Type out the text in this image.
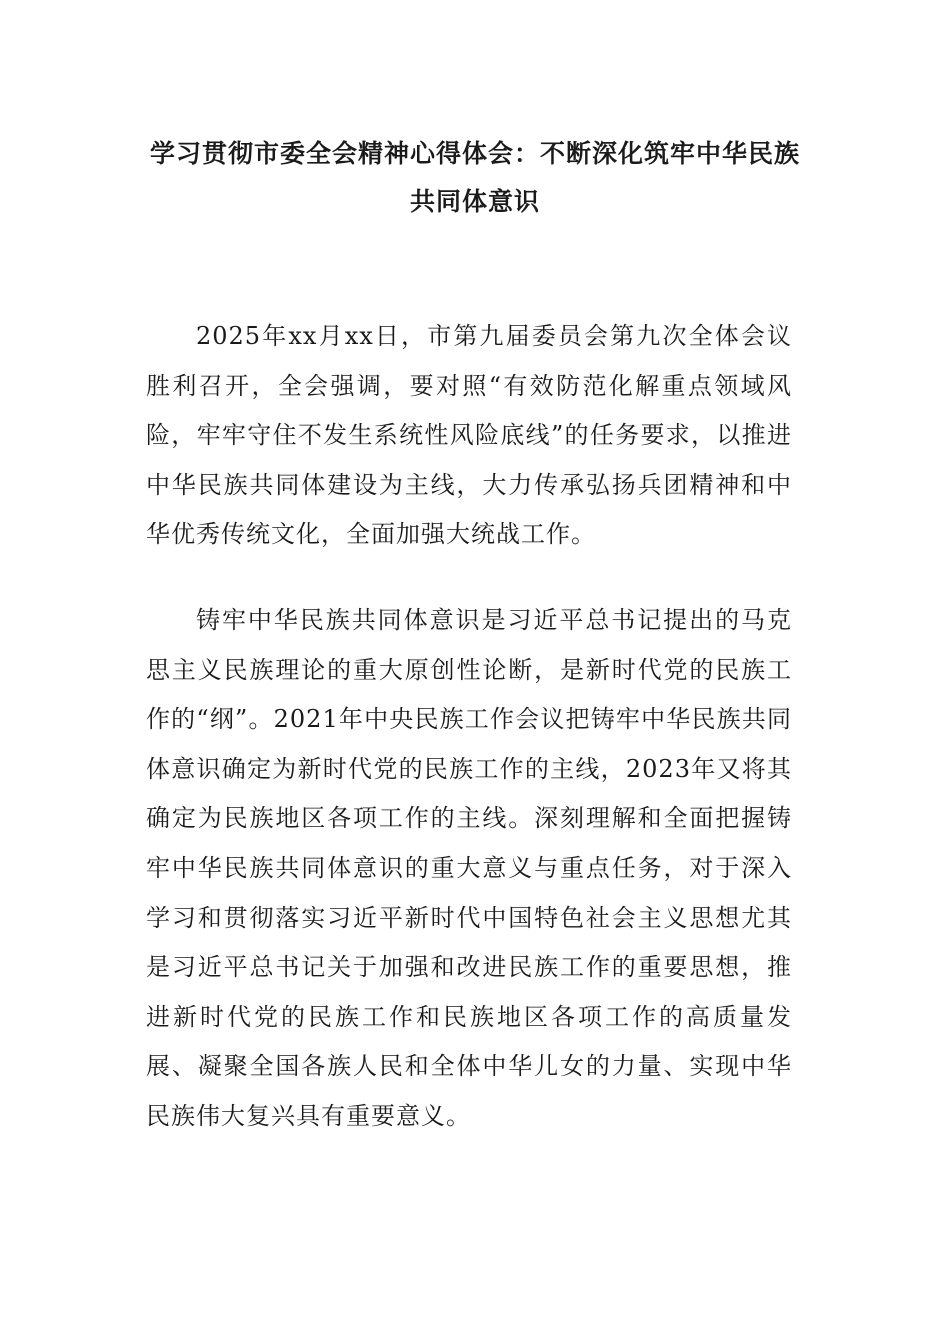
学习贯彻市委全会精神心得体会：不断深化筑牢中华民族
共同体意识

2025年xx月xx日，市第九届委员会第九次全体会议胜利召开，全会强调，要对照“有效防范化解重点领域风险，牢牢守住不发生系统性风险底线”的任务要求，以推进中华民族共同体建设为主线，大力传承弘扬兵团精神和中华优秀传统文化，全面加强大统战工作。

铸牢中华民族共同体意识是习近平总书记提出的马克思主义民族理论的重大原创性论断，是新时代党的民族工作的“纲”。2021年中央民族工作会议把铸牢中华民族共同体意识确定为新时代党的民族工作的主线，2023年又将其确定为民族地区各项工作的主线。深刻理解和全面把握铸牢中华民族共同体意识的重大意义与重点任务，对于深入学习和贯彻落实习近平新时代中国特色社会主义思想尤其是习近平总书记关于加强和改进民族工作的重要思想，推进新时代党的民族工作和民族地区各项工作的高质量发展、凝聚全国各族人民和全体中华儿女的力量、实现中华民族伟大复兴具有重要意义。
